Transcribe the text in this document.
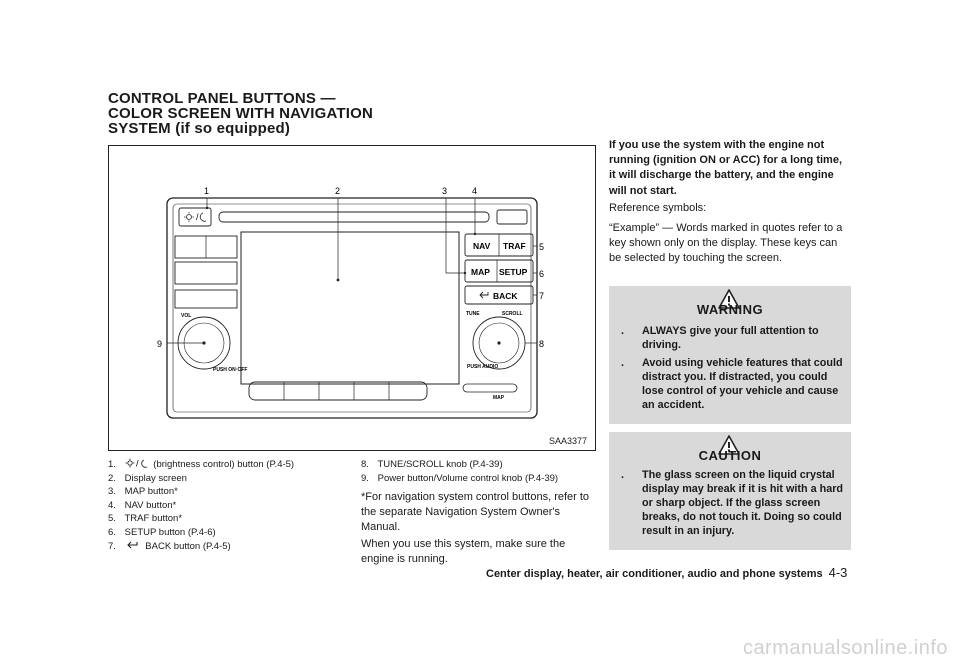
CONTROL PANEL BUTTONS —
COLOR SCREEN WITH NAVIGATION
SYSTEM (if so equipped)
/
NAV TRAF
MAP SETUP
BACK
VOL
PUSH ON·OFF
TUNE	SCROLL
PUSH AUDIO
MAP
1	2	3	4
5
6
7
8
9
SAA3377
1. / (brightness control) button (P.4-5)
2. Display screen
3. MAP button*
4. NAV button*
5. TRAF button*
6. SETUP button (P.4-6)
7.	BACK button (P.4-5)
8. TUNE/SCROLL knob (P.4-39)
9. Power button/Volume control knob (P.4-39)
*For navigation system control buttons, refer to the separate Navigation System Owner's Manual.
When you use this system, make sure the engine is running.
If you use the system with the engine not running (ignition ON or ACC) for a long time, it will discharge the battery, and the engine will not start.
Reference symbols:
“Example” — Words marked in quotes refer to a key shown only on the display. These keys can be selected by touching the screen.
WARNING
. ALWAYS give your full attention to driving.
. Avoid using vehicle features that could distract you. If distracted, you could lose control of your vehicle and cause an accident.
CAUTION
. The glass screen on the liquid crystal display may break if it is hit with a hard or sharp object. If the glass screen breaks, do not touch it. Doing so could result in an injury.
Center display, heater, air conditioner, audio and phone systems 4-3
carmanualsonline.info
